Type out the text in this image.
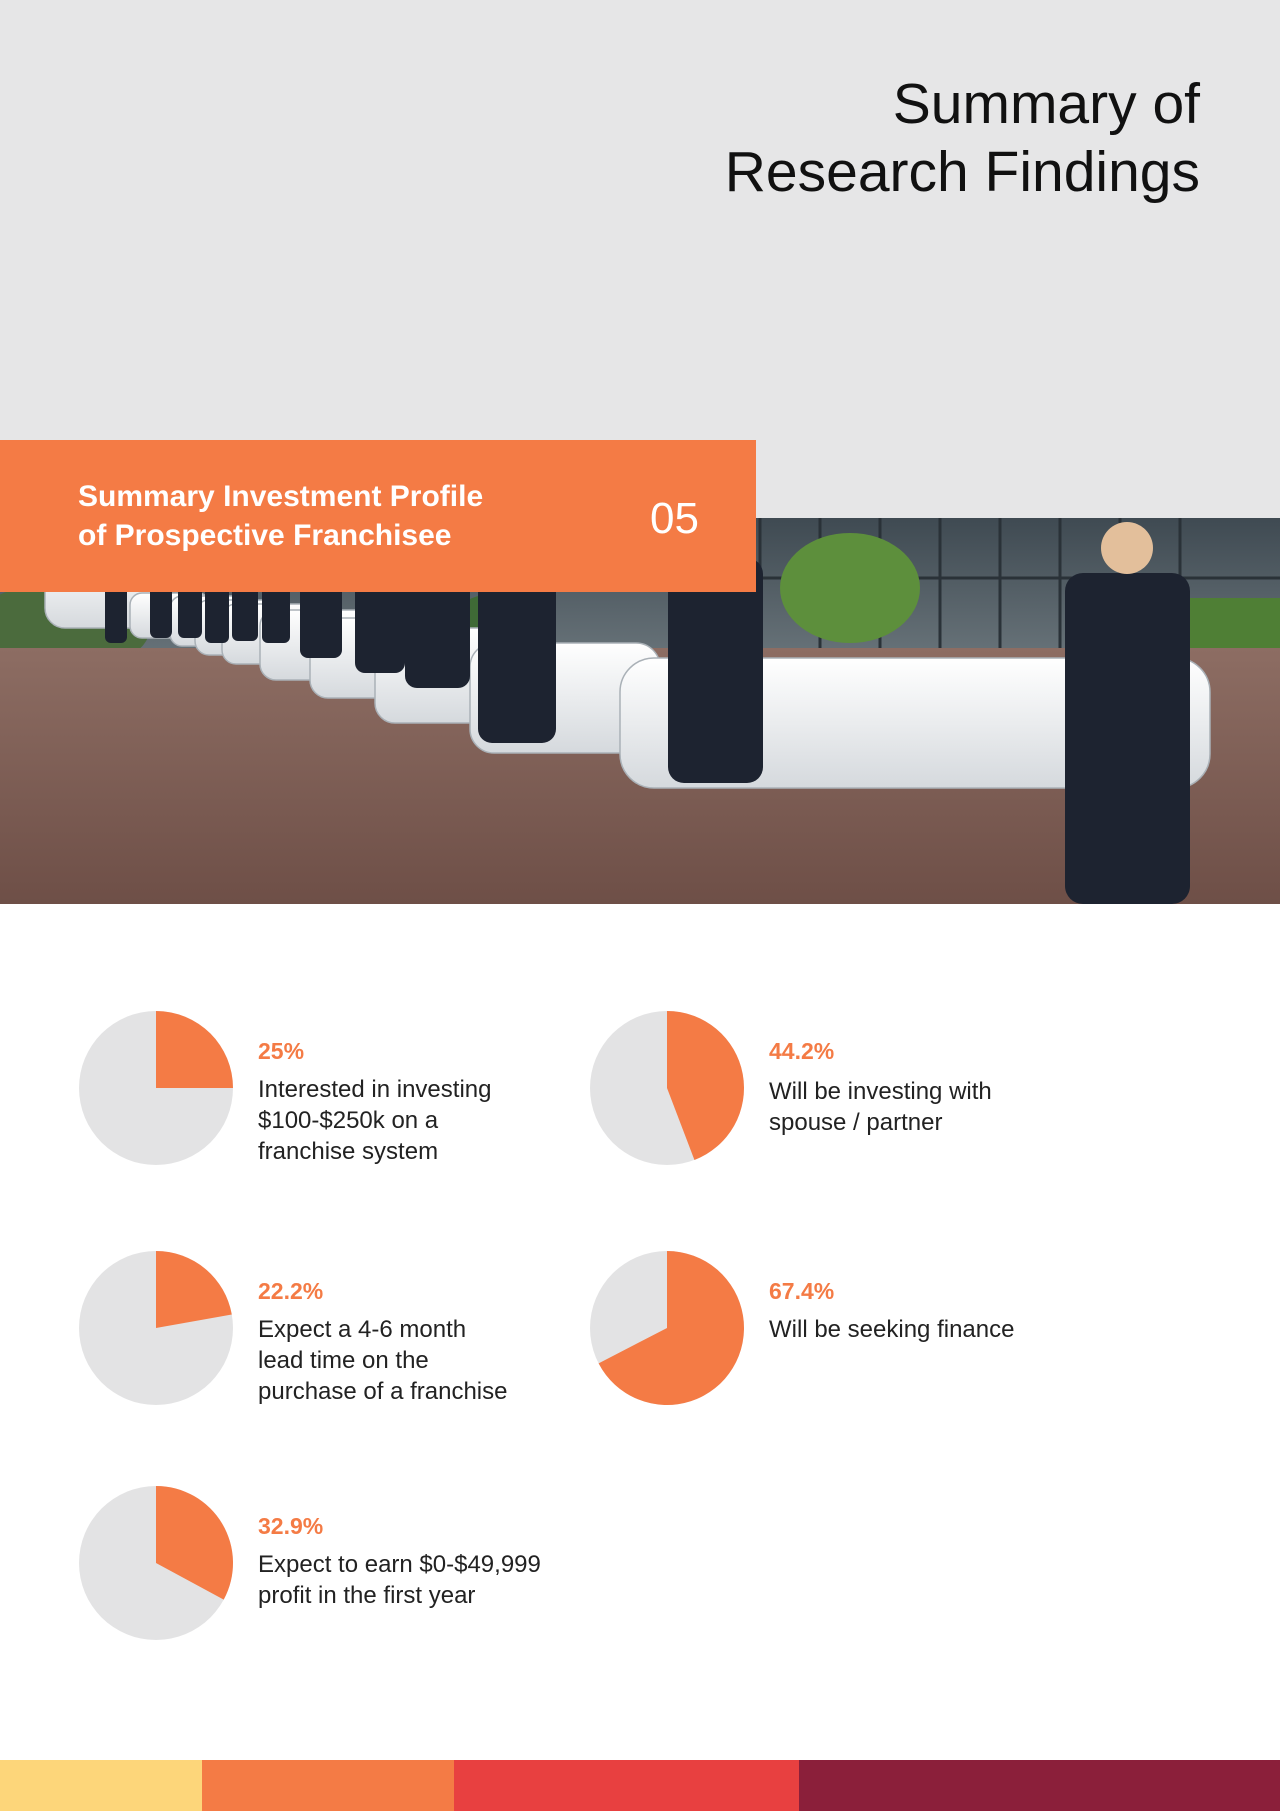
Summary of
Research Findings
Summary Investment Profile
of Prospective Franchisee	05
25%
Interested in investing
$100-$250k on a
franchise system
44.2%
Will be investing with
spouse / partner
22.2%
Expect a 4-6 month
lead time on the
purchase of a franchise
67.4%
Will be seeking finance
32.9%
Expect to earn $0-$49,999
profit in the first year
